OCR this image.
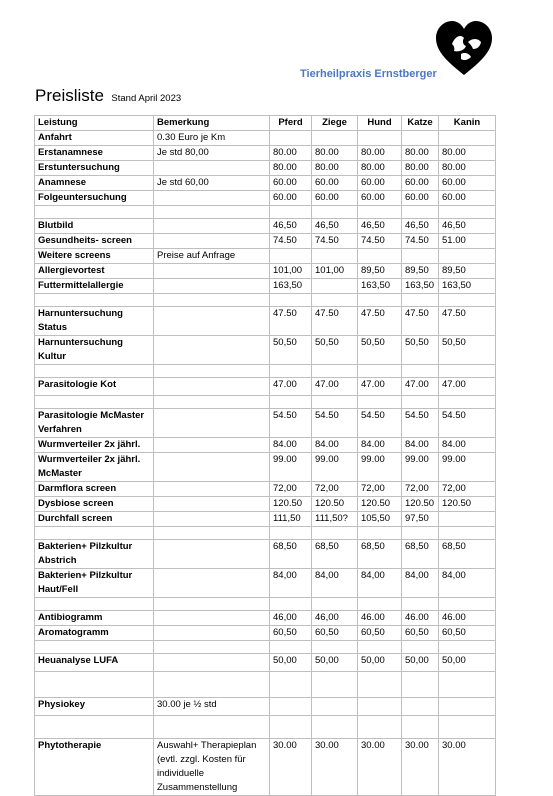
Tierheilpraxis Ernstberger
Preisliste Stand April 2023
Leistung	Bemerkung	Pferd	Ziege	Hund	Katze	Kanin
Anfahrt	0.30 Euro je Km					
Erstanamnese	Je std 80,00	80.00	80.00	80.00	80.00	80.00
Erstuntersuchung		80.00	80.00	80.00	80.00	80.00
Anamnese	Je std 60,00	60.00	60.00	60.00	60.00	60.00
Folgeuntersuchung		60.00	60.00	60.00	60.00	60.00

Blutbild		46,50	46,50	46,50	46,50	46,50
Gesundheits- screen		74.50	74.50	74.50	74.50	51.00
Weitere screens	Preise auf Anfrage					
Allergievortest		101,00	101,00	89,50	89,50	89,50
Futtermittelallergie		163,50		163,50	163,50	163,50

Harnuntersuchung Status		47.50	47.50	47.50	47.50	47.50
Harnuntersuchung Kultur		50,50	50,50	50,50	50,50	50,50

Parasitologie Kot		47.00	47.00	47.00	47.00	47.00

Parasitologie McMaster Verfahren		54.50	54.50	54.50	54.50	54.50
Wurmverteiler 2x jährl.		84.00	84.00	84.00	84.00	84.00
Wurmverteiler 2x jährl. McMaster		99.00	99.00	99.00	99.00	99.00
Darmflora screen		72,00	72,00	72,00	72,00	72,00
Dysbiose screen		120.50	120.50	120.50	120.50	120.50
Durchfall screen		111,50	111,50?	105,50	97,50	

Bakterien+ Pilzkultur Abstrich		68,50	68,50	68,50	68,50	68,50
Bakterien+ Pilzkultur Haut/Fell		84,00	84,00	84,00	84,00	84,00

Antibiogramm		46,00	46,00	46.00	46.00	46.00
Aromatogramm		60,50	60,50	60,50	60,50	60,50

Heuanalyse LUFA		50,00	50,00	50,00	50,00	50,00

Physiokey	30.00 je ½ std					

Phytotherapie	Auswahl+ Therapieplan (evtl. zzgl. Kosten für individuelle Zusammenstellung	30.00	30.00	30.00	30.00	30.00
